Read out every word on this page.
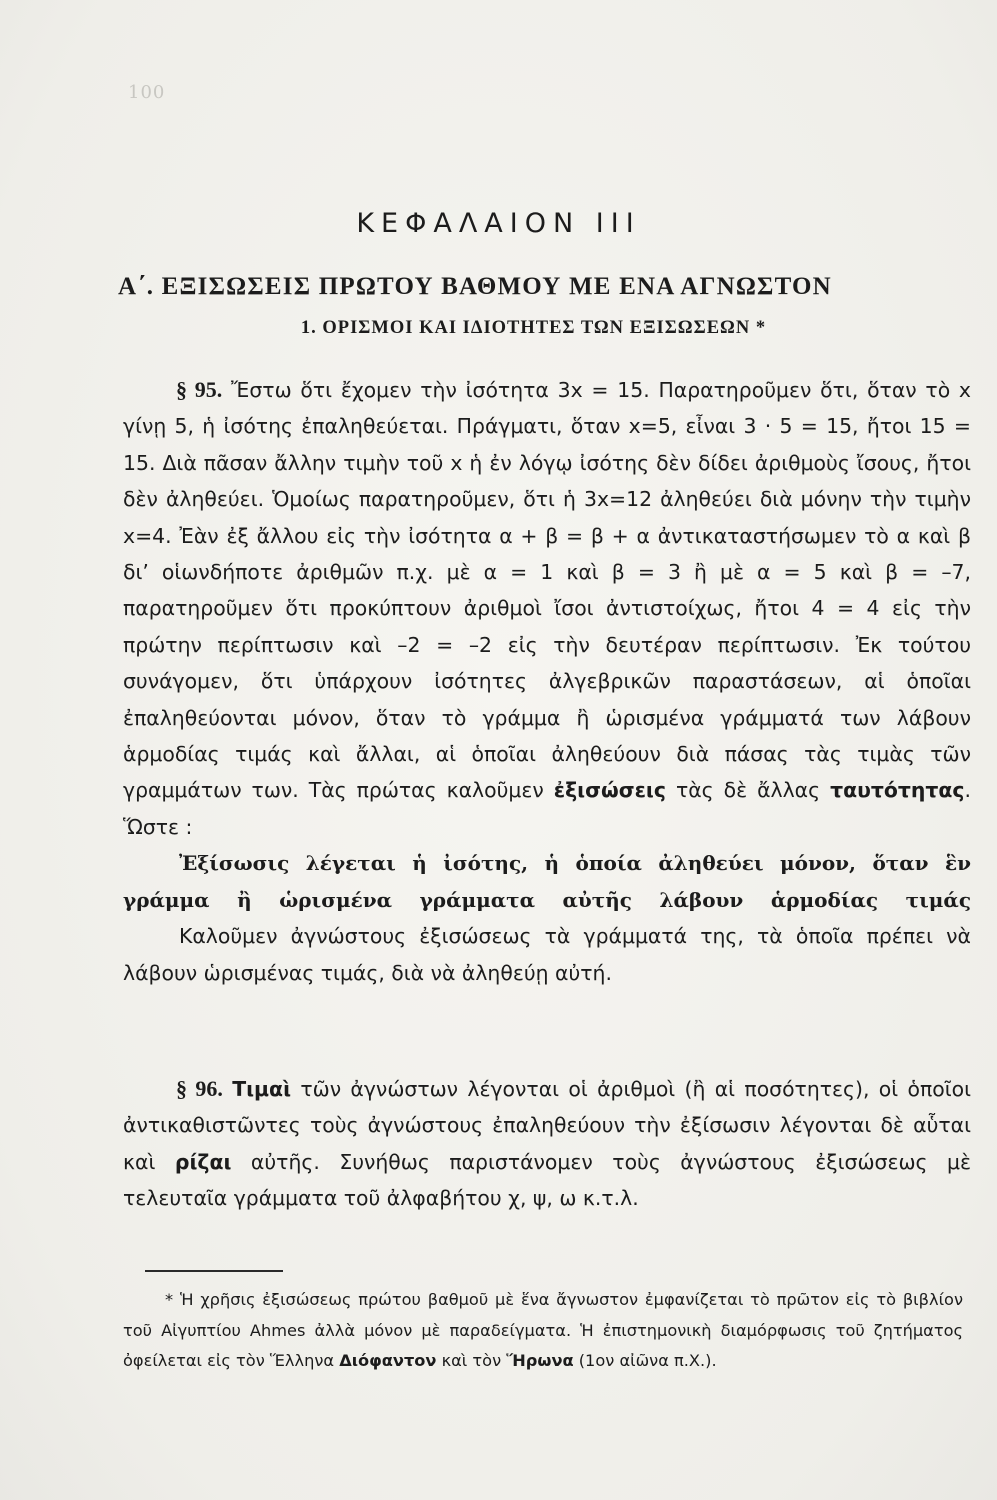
100
ΚΕΦΑΛΑΙΟΝ III
Α΄. ΕΞΙΣΩΣΕΙΣ ΠΡΩΤΟΥ ΒΑΘΜΟΥ ΜΕ ΕΝΑ ΑΓΝΩΣΤΟΝ
1. ΟΡΙΣΜΟΙ ΚΑΙ ΙΔΙΟΤΗΤΕΣ ΤΩΝ ΕΞΙΣΩΣΕΩΝ *

§ 95. Ἔστω ὅτι ἔχομεν τὴν ἰσότητα 3x = 15. Παρατηροῦμεν ὅτι, ὅταν τὸ x γίνῃ 5, ἡ ἰσότης ἐπαληθεύεται. Πράγματι, ὅταν x=5, εἶναι 3 · 5 = 15, ἤτοι 15 = 15. Διὰ πᾶσαν ἄλλην τιμὴν τοῦ x ἡ ἐν λόγῳ ἰσότης δὲν δίδει ἀριθμοὺς ἴσους, ἤτοι δὲν ἀληθεύει. Ὁμοίως παρατηροῦμεν, ὅτι ἡ 3x=12 ἀληθεύει διὰ μόνην τὴν τιμὴν x=4. Ἐὰν ἐξ ἄλλου εἰς τὴν ἰσότητα α + β = β + α ἀντικαταστήσωμεν τὸ α καὶ β δι’ οἱωνδήποτε ἀριθμῶν π.χ. μὲ α = 1 καὶ β = 3 ἢ μὲ α = 5 καὶ β = –7, παρατηροῦμεν ὅτι προκύπτουν ἀριθμοὶ ἴσοι ἀντιστοίχως, ἤτοι 4 = 4 εἰς τὴν πρώτην περίπτωσιν καὶ –2 = –2 εἰς τὴν δευτέραν περίπτωσιν. Ἐκ τούτου συνάγομεν, ὅτι ὑπάρχουν ἰσότητες ἀλγεβρικῶν παραστάσεων, αἱ ὁποῖαι ἐπαληθεύονται μόνον, ὅταν τὸ γράμμα ἢ ὡρισμένα γράμματά των λάβουν ἁρμοδίας τιμάς καὶ ἄλλαι, αἱ ὁποῖαι ἀληθεύουν διὰ πάσας τὰς τιμὰς τῶν γραμμάτων των. Τὰς πρώτας καλοῦμεν ἐξισώσεις τὰς δὲ ἄλλας ταυτότητας. Ὥστε :

Ἐξίσωσις λέγεται ἡ ἰσότης, ἡ ὁποία ἀληθεύει μόνον, ὅταν ἓν

γράμμα ἢ ὡρισμένα γράμματα αὐτῆς λάβουν ἁρμοδίας τιμάς

Καλοῦμεν ἀγνώστους ἐξισώσεως τὰ γράμματά της, τὰ ὁποῖα πρέπει νὰ λάβουν ὡρισμένας τιμάς, διὰ νὰ ἀληθεύῃ αὐτή.

§ 96. Τιμαὶ τῶν ἀγνώστων λέγονται οἱ ἀριθμοὶ (ἢ αἱ ποσότητες), οἱ ὁποῖοι ἀντικαθιστῶντες τοὺς ἀγνώστους ἐπαληθεύουν τὴν ἐξίσωσιν λέγονται δὲ αὗται καὶ ρίζαι αὐτῆς. Συνήθως παριστάνομεν τοὺς ἀγνώστους ἐξισώσεως μὲ τελευταῖα γράμματα τοῦ ἀλφαβήτου χ, ψ, ω κ.τ.λ.

* Ἡ χρῆσις ἐξισώσεως πρώτου βαθμοῦ μὲ ἕνα ἄγνωστον ἐμφανίζεται τὸ πρῶτον εἰς τὸ βιβλίον τοῦ Αἰγυπτίου Ahmes ἀλλὰ μόνον μὲ παραδείγματα. Ἡ ἐπιστημονικὴ διαμόρφωσις τοῦ ζητήματος ὀφείλεται εἰς τὸν Ἕλληνα Διόφαντον καὶ τὸν Ἥρωνα (1ον αἰῶνα π.Χ.).
